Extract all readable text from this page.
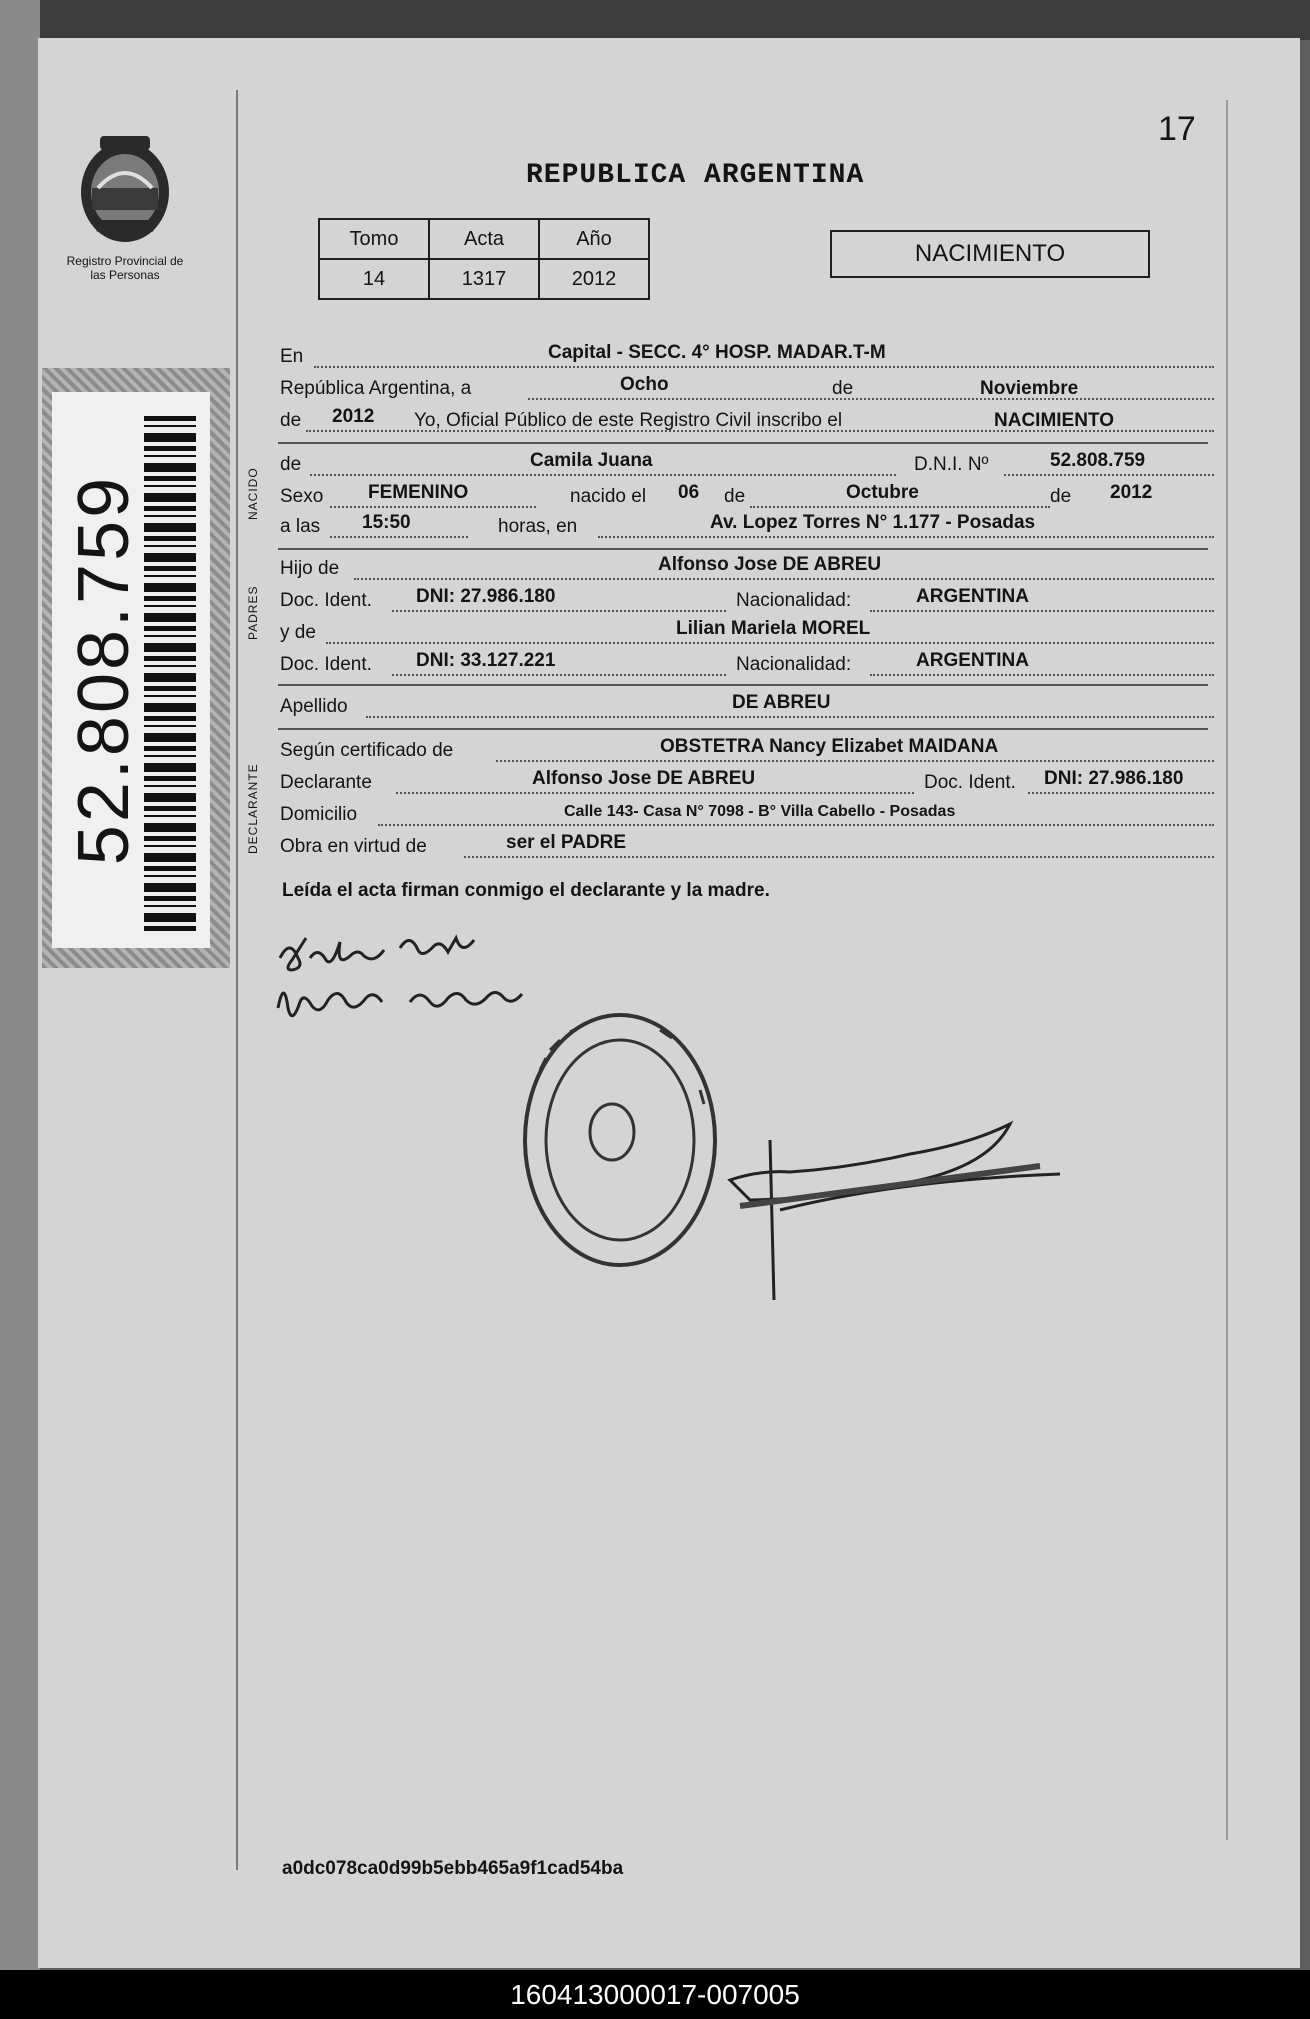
17
Registro Provincial de las Personas
52.808.759
REPUBLICA ARGENTINA
Tomo	Acta	Año
14	1317	2012
NACIMIENTO
En	Capital - SECC. 4° HOSP. MADAR.T-M
República Argentina, a	Ocho	de	Noviembre
de 2012 Yo, Oficial Público de este Registro Civil inscribo el	NACIMIENTO
NACIDO
de	Camila Juana	D.N.I. Nº	52.808.759
Sexo FEMENINO	nacido el 06 de	Octubre	de 2012
a las 15:50	horas, en	Av. Lopez Torres N° 1.177 - Posadas
PADRES
Hijo de	Alfonso Jose DE ABREU
Doc. Ident. DNI: 27.986.180	Nacionalidad:	ARGENTINA
y de	Lilian Mariela MOREL
Doc. Ident. DNI: 33.127.221	Nacionalidad:	ARGENTINA
Apellido	DE ABREU
DECLARANTE
Según certificado de	OBSTETRA Nancy Elizabet MAIDANA
Declarante	Alfonso Jose DE ABREU	Doc. Ident. DNI: 27.986.180
Domicilio	Calle 143- Casa N° 7098 - B° Villa Cabello - Posadas
Obra en virtud de	ser el PADRE
Leída el acta firman conmigo el declarante y la madre.
a0dc078ca0d99b5ebb465a9f1cad54ba
160413000017-007005
